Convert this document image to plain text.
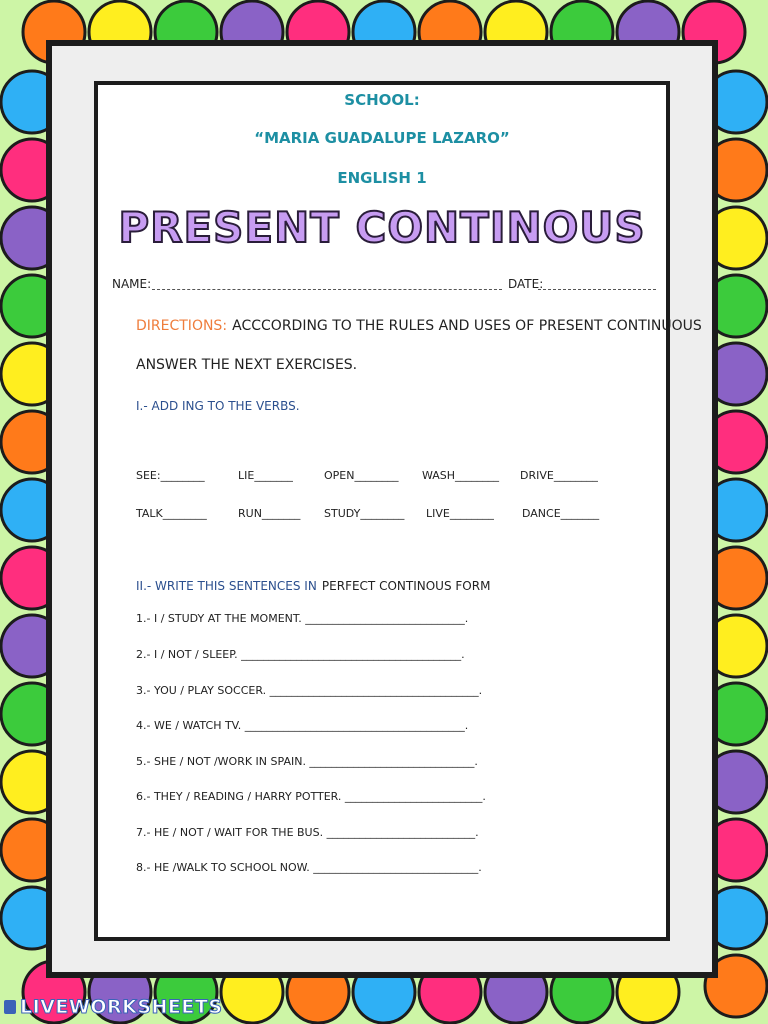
SCHOOL:
“MARIA GUADALUPE LAZARO”
ENGLISH 1
PRESENT CONTINOUS
NAME:	DATE:
DIRECTIONS: ACCCORDING TO THE RULES AND USES OF PRESENT CONTINUOUS
ANSWER THE NEXT EXERCISES.
I.- ADD ING TO THE VERBS.
SEE:________	LIE_______	OPEN________ WASH________ DRIVE________
TALK________	RUN_______ STUDY________ LIVE________	DANCE_______
II.- WRITE THIS SENTENCES IN PERFECT CONTINOUS FORM
1.- I / STUDY AT THE MOMENT. _____________________________.
2.- I / NOT / SLEEP. ________________________________________.
3.- YOU / PLAY SOCCER. ______________________________________.
4.- WE / WATCH TV. ________________________________________.
5.- SHE / NOT /WORK IN SPAIN. ______________________________.
6.- THEY / READING / HARRY POTTER. _________________________.
7.- HE / NOT / WAIT FOR THE BUS. ___________________________.
8.- HE /WALK TO SCHOOL NOW. ______________________________.
LIVEWORKSHEETS
